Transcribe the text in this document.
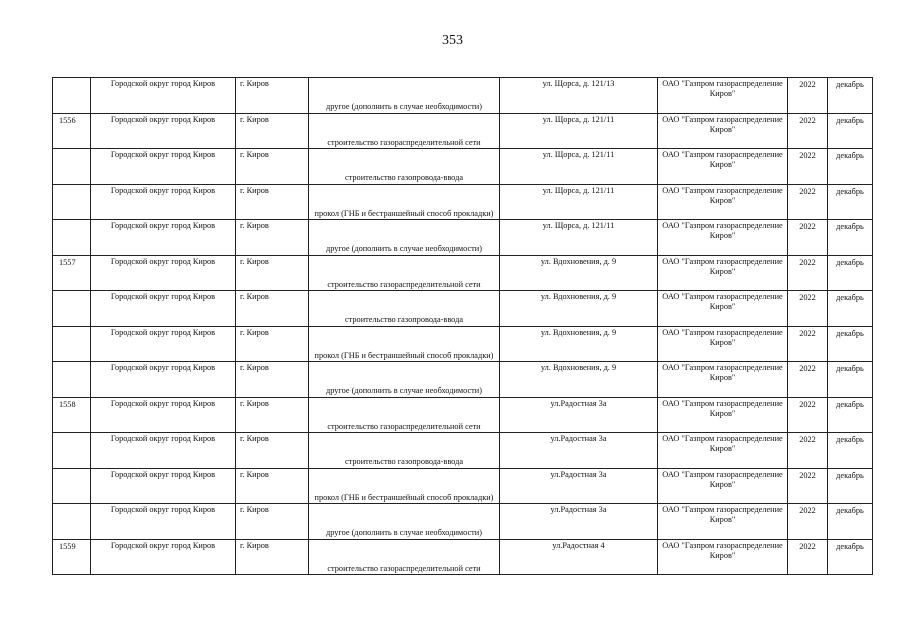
353
	Городской округ город Киров	г. Киров	другое (дополнить в случае необходимости)	ул. Щорса, д. 121/13	ОАО "Газпром газораспределение Киров"	2022	декабрь
1556	Городской округ город Киров	г. Киров	строительство газораспределительной сети	ул. Щорса, д. 121/11	ОАО "Газпром газораспределение Киров"	2022	декабрь
	Городской округ город Киров	г. Киров	строительство газопровода-ввода	ул. Щорса, д. 121/11	ОАО "Газпром газораспределение Киров"	2022	декабрь
	Городской округ город Киров	г. Киров	прокол (ГНБ и бестраншейный способ прокладки)	ул. Щорса, д. 121/11	ОАО "Газпром газораспределение Киров"	2022	декабрь
	Городской округ город Киров	г. Киров	другое (дополнить в случае необходимости)	ул. Щорса, д. 121/11	ОАО "Газпром газораспределение Киров"	2022	декабрь
1557	Городской округ город Киров	г. Киров	строительство газораспределительной сети	ул. Вдохновения, д. 9	ОАО "Газпром газораспределение Киров"	2022	декабрь
	Городской округ город Киров	г. Киров	строительство газопровода-ввода	ул. Вдохновения, д. 9	ОАО "Газпром газораспределение Киров"	2022	декабрь
	Городской округ город Киров	г. Киров	прокол (ГНБ и бестраншейный способ прокладки)	ул. Вдохновения, д. 9	ОАО "Газпром газораспределение Киров"	2022	декабрь
	Городской округ город Киров	г. Киров	другое (дополнить в случае необходимости)	ул. Вдохновения, д. 9	ОАО "Газпром газораспределение Киров"	2022	декабрь
1558	Городской округ город Киров	г. Киров	строительство газораспределительной сети	ул.Радостная 3а	ОАО "Газпром газораспределение Киров"	2022	декабрь
	Городской округ город Киров	г. Киров	строительство газопровода-ввода	ул.Радостная 3а	ОАО "Газпром газораспределение Киров"	2022	декабрь
	Городской округ город Киров	г. Киров	прокол (ГНБ и бестраншейный способ прокладки)	ул.Радостная 3а	ОАО "Газпром газораспределение Киров"	2022	декабрь
	Городской округ город Киров	г. Киров	другое (дополнить в случае необходимости)	ул.Радостная 3а	ОАО "Газпром газораспределение Киров"	2022	декабрь
1559	Городской округ город Киров	г. Киров	строительство газораспределительной сети	ул.Радостная 4	ОАО "Газпром газораспределение Киров"	2022	декабрь
